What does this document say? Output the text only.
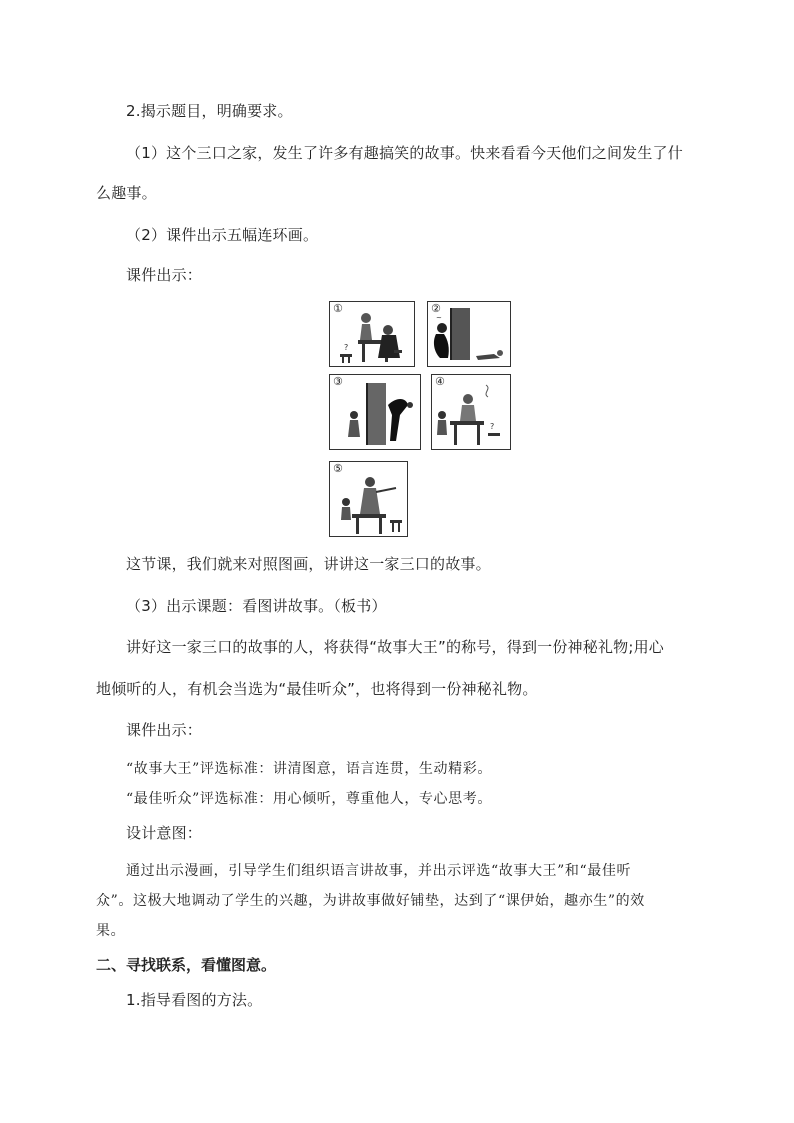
2.揭示题目，明确要求。
（1）这个三口之家，发生了许多有趣搞笑的故事。快来看看今天他们之间发生了什
么趣事。
（2）课件出示五幅连环画。
课件出示：
?
①
~
②
③
?
④
⑤
这节课，我们就来对照图画，讲讲这一家三口的故事。
（3）出示课题：看图讲故事。（板书）
讲好这一家三口的故事的人，将获得“故事大王”的称号，得到一份神秘礼物;用心
地倾听的人，有机会当选为“最佳听众”，也将得到一份神秘礼物。
课件出示：
“故事大王”评选标准：讲清图意，语言连贯，生动精彩。
“最佳听众”评选标准：用心倾听，尊重他人，专心思考。
设计意图：
通过出示漫画，引导学生们组织语言讲故事，并出示评选“故事大王”和“最佳听
众”。这极大地调动了学生的兴趣，为讲故事做好铺垫，达到了“课伊始，趣亦生”的效
果。
二、寻找联系，看懂图意。
1.指导看图的方法。
